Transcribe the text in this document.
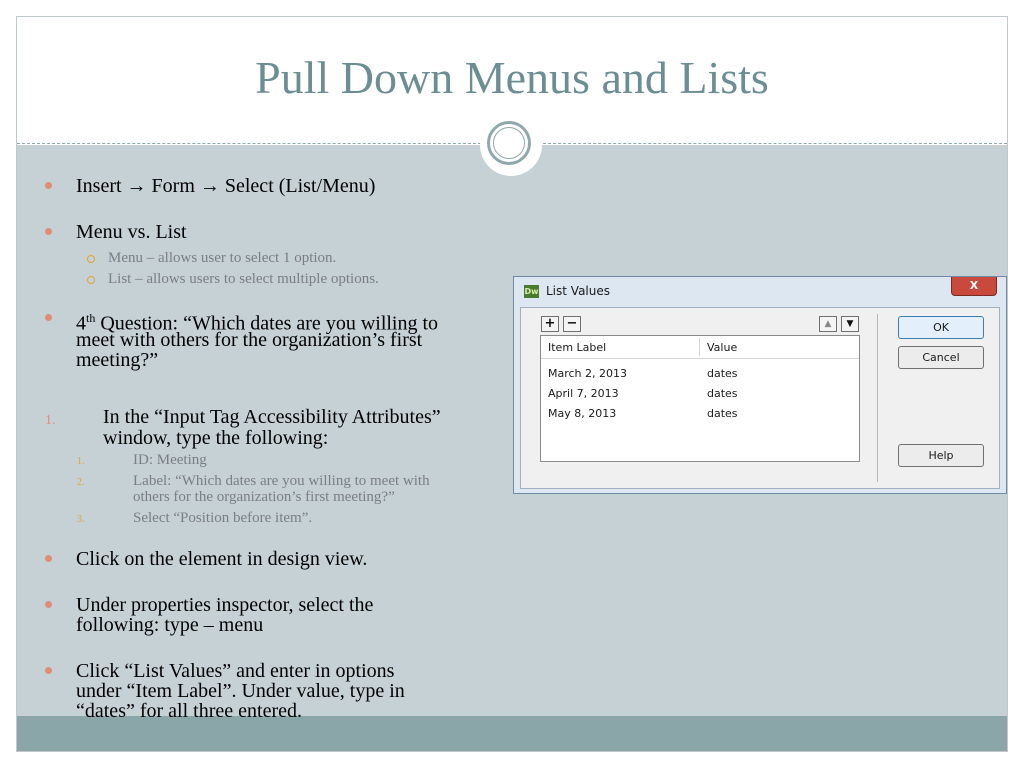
Pull Down Menus and Lists
Insert → Form → Select (List/Menu)
Menu vs. List
Menu – allows user to select 1 option.
List – allows users to select multiple options.
4th Question: “Which dates are you willing to
meet with others for the organization’s first
meeting?”
1. In the “Input Tag Accessibility Attributes”
window, type the following:
1.	ID: Meeting
2.	Label: “Which dates are you willing to meet with
others for the organization’s first meeting?”
3.	Select “Position before item”.
Click on the element in design view.
Under properties inspector, select the
following: type – menu
Click “List Values” and enter in options
under “Item Label”. Under value, type in
“dates” for all three entered.
Dw List Values	X
+ −	▲	▼
Item Label	Value
March 2, 2013	dates
April 7, 2013	dates
May 8, 2013	dates
OK
Cancel
Help
